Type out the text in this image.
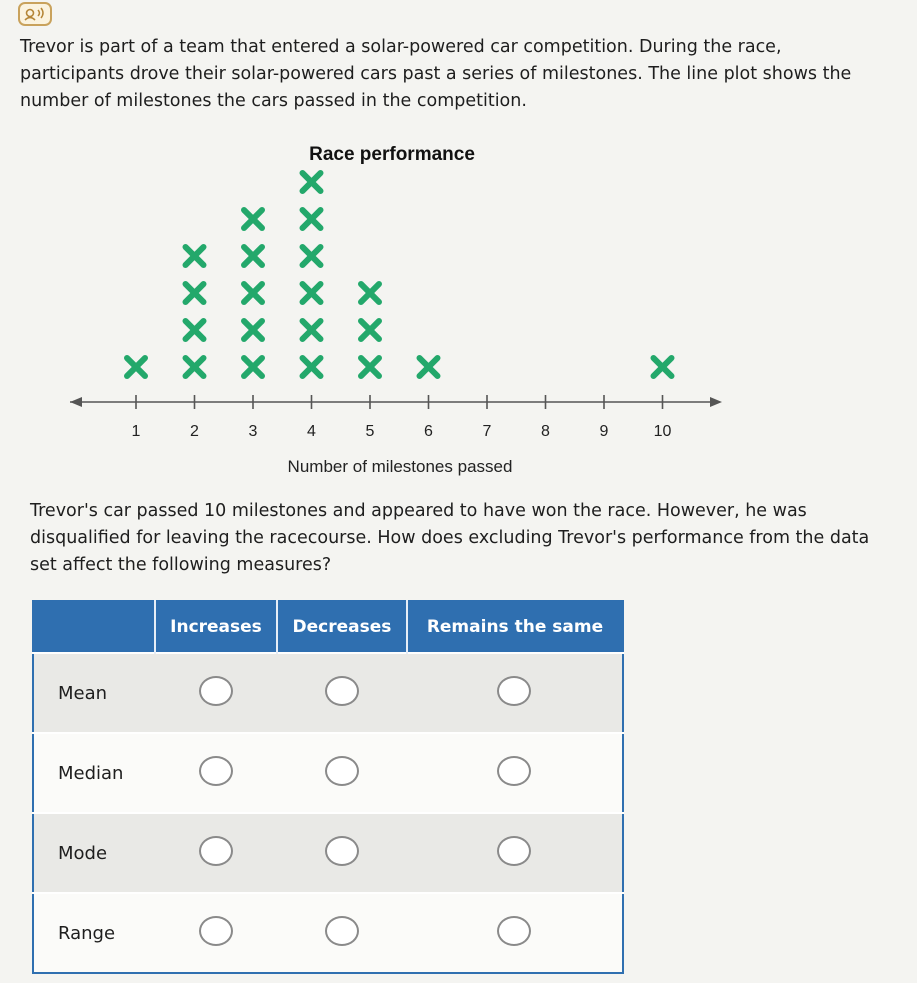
Trevor is part of a team that entered a solar-powered car competition. During the race, participants drove their solar-powered cars past a series of milestones. The line plot shows the number of milestones the cars passed in the competition.

Race performance
1	2	3	4	5	6	7	8	9	10
Number of milestones passed

Trevor's car passed 10 milestones and appeared to have won the race. However, he was disqualified for leaving the racecourse. How does excluding Trevor's performance from the data set affect the following measures?

	Increases	Decreases	Remains the same
Mean			
Median			
Mode			
Range			
